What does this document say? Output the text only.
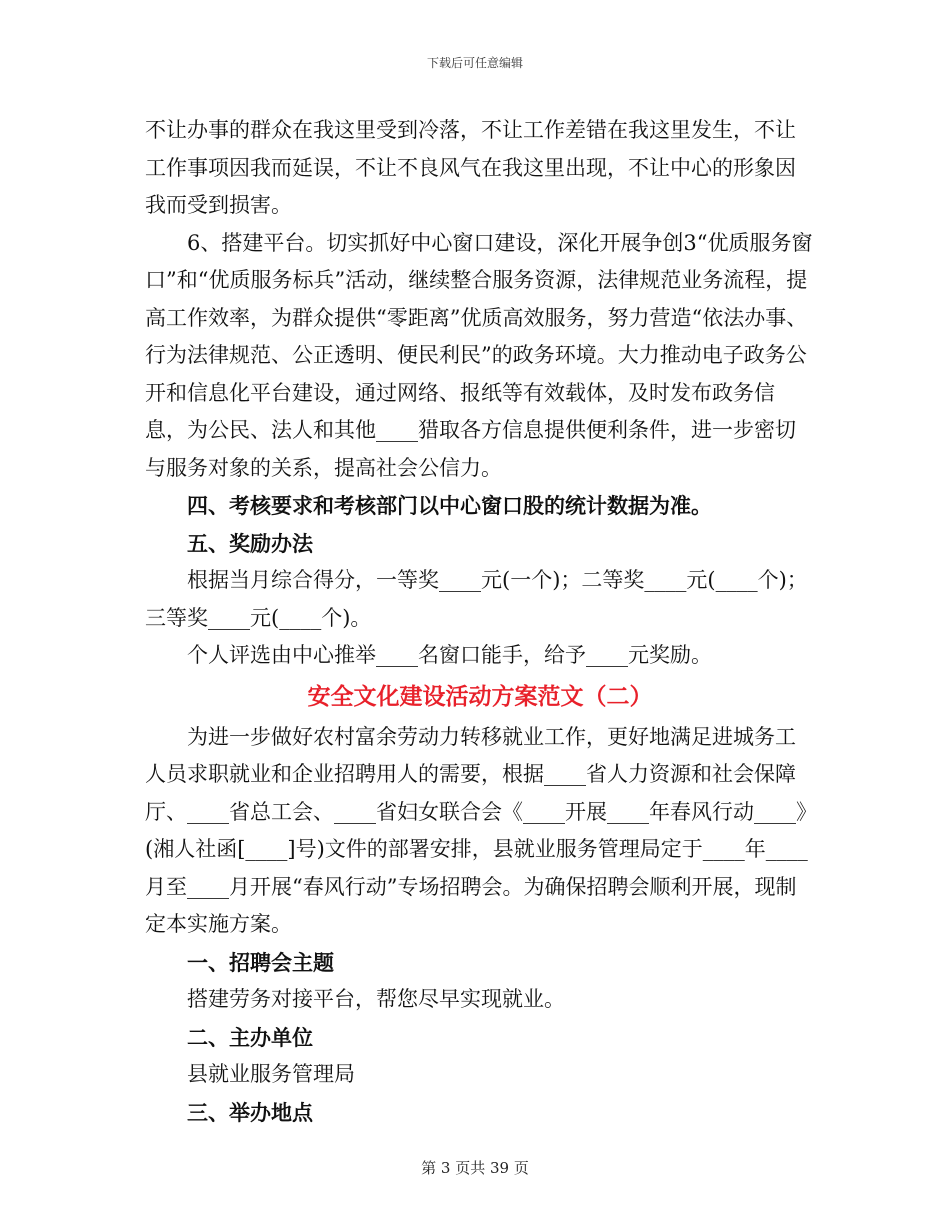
下载后可任意编辑

不让办事的群众在我这里受到冷落，不让工作差错在我这里发生，不让工作事项因我而延误，不让不良风气在我这里出现，不让中心的形象因我而受到损害。

6、搭建平台。切实抓好中心窗口建设，深化开展争创3“优质服务窗口”和“优质服务标兵”活动，继续整合服务资源，法律规范业务流程，提高工作效率，为群众提供“零距离”优质高效服务，努力营造“依法办事、行为法律规范、公正透明、便民利民”的政务环境。大力推动电子政务公开和信息化平台建设，通过网络、报纸等有效载体，及时发布政务信息，为公民、法人和其他____猎取各方信息提供便利条件，进一步密切与服务对象的关系，提高社会公信力。

四、考核要求和考核部门以中心窗口股的统计数据为准。

五、奖励办法

根据当月综合得分，一等奖____元(一个)；二等奖____元(____个)；三等奖____元(____个)。

个人评选由中心推举____名窗口能手，给予____元奖励。

安全文化建设活动方案范文（二）

为进一步做好农村富余劳动力转移就业工作，更好地满足进城务工人员求职就业和企业招聘用人的需要，根据____省人力资源和社会保障厅、____省总工会、____省妇女联合会《____开展____年春风行动____》(湘人社函[____]号)文件的部署安排，县就业服务管理局定于____年____月至____月开展“春风行动”专场招聘会。为确保招聘会顺利开展，现制定本实施方案。

一、招聘会主题

搭建劳务对接平台，帮您尽早实现就业。

二、主办单位

县就业服务管理局

三、举办地点

第 3 页共 39 页
